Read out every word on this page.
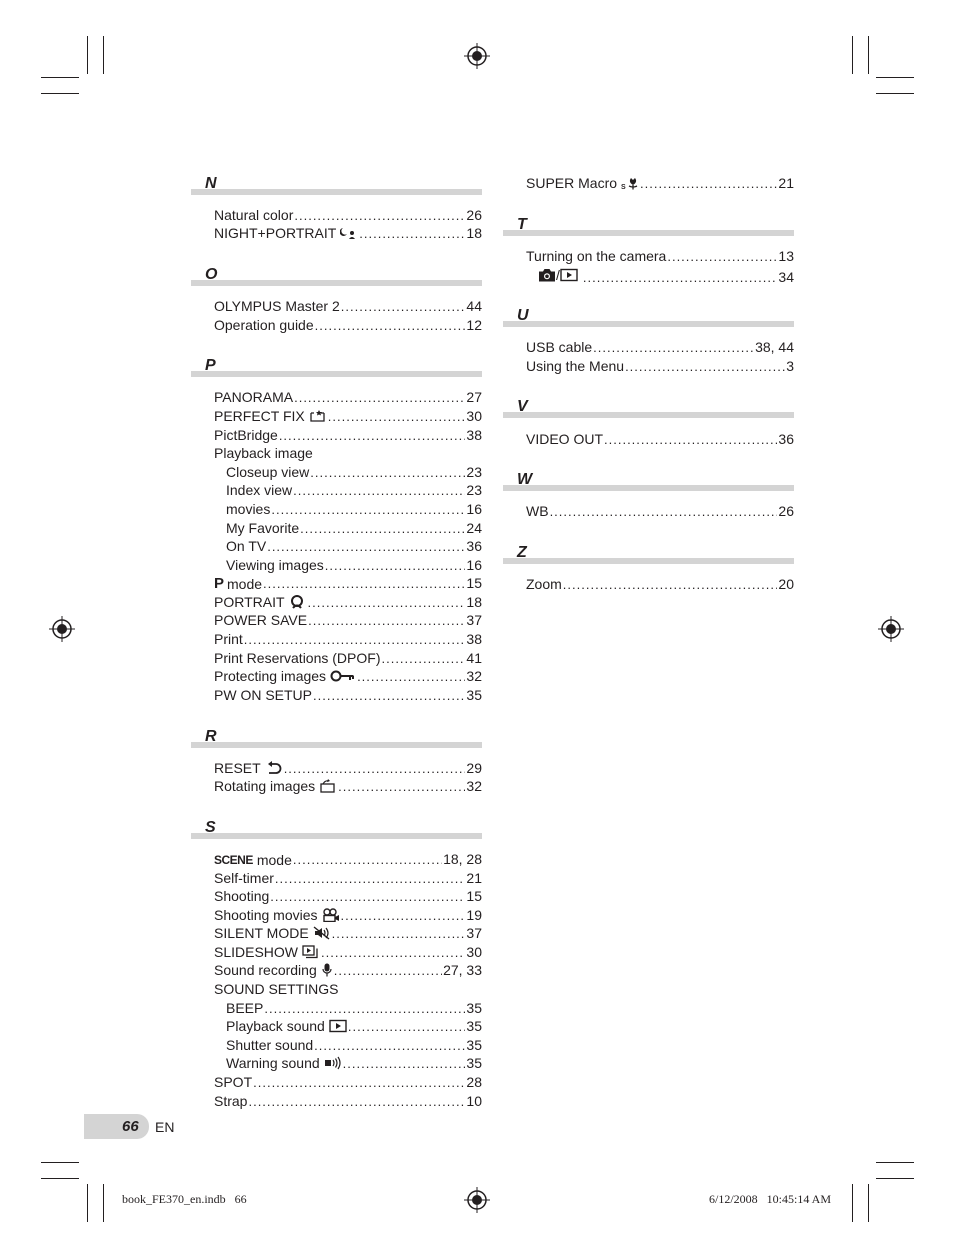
N
Natural color .....	26
NIGHT+PORTRAIT .....	18
O
OLYMPUS Master 2 .....	44
Operation guide .....	12
P
PANORAMA .....	27
PERFECT FIX .....	30
PictBridge .....	38
Playback image
Closeup view .....	23
Index view .....	23
movies .....	16
My Favorite .....	24
On TV .....	36
Viewing images .....	16
P mode .....	15
PORTRAIT .....	18
POWER SAVE .....	37
Print .....	38
Print Reservations (DPOF) .....	41
Protecting images .....	32
PW ON SETUP .....	35
R
RESET .....	29
Rotating images .....	32
S
SCENE mode .....	18, 28
Self-timer .....	21
Shooting .....	15
Shooting movies .....	19
SILENT MODE .....	37
SLIDESHOW .....	30
Sound recording .....	27, 33
SOUND SETTINGS
BEEP .....	35
Playback sound .....	35
Shutter sound .....	35
Warning sound .....	35
SPOT .....	28
Strap .....	10
SUPER Macro S .....	21
T
Turning on the camera .....	13
/ .....	34
U
USB cable .....	38, 44
Using the Menu .....	3
V
VIDEO OUT .....	36
W
WB .....	26
Z
Zoom .....	20
66 EN
book_FE370_en.indb   66	6/12/2008   10:45:14 AM
